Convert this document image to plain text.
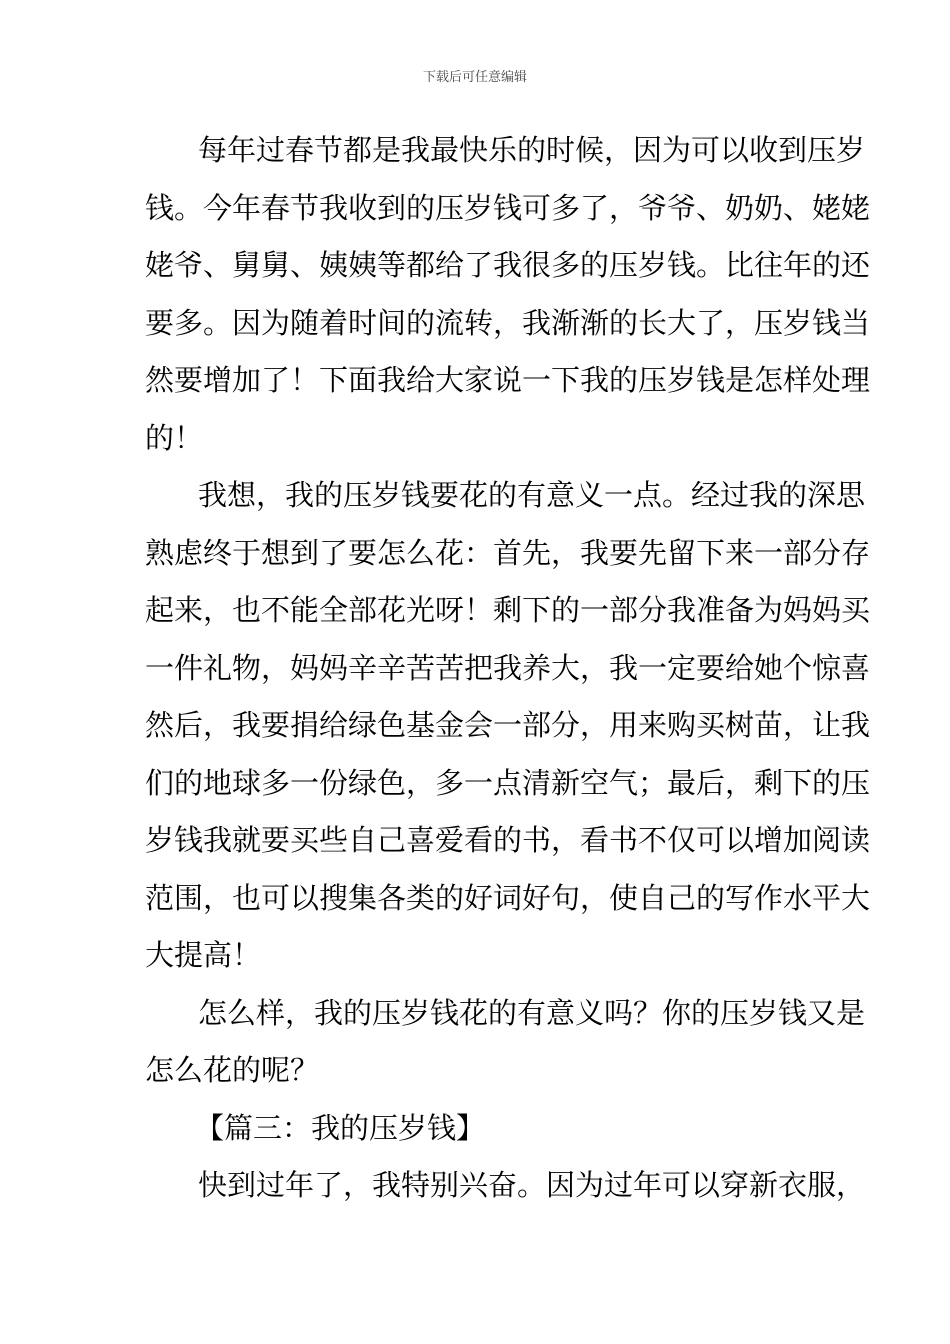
下载后可任意编辑

每年过春节都是我最快乐的时候，因为可以收到压岁
钱。今年春节我收到的压岁钱可多了，爷爷、奶奶、姥姥
姥爷、舅舅、姨姨等都给了我很多的压岁钱。比往年的还
要多。因为随着时间的流转，我渐渐的长大了，压岁钱当
然要增加了！下面我给大家说一下我的压岁钱是怎样处理
的！

我想，我的压岁钱要花的有意义一点。经过我的深思
熟虑终于想到了要怎么花：首先，我要先留下来一部分存
起来，也不能全部花光呀！剩下的一部分我准备为妈妈买
一件礼物，妈妈辛辛苦苦把我养大，我一定要给她个惊喜
然后，我要捐给绿色基金会一部分，用来购买树苗，让我
们的地球多一份绿色，多一点清新空气；最后，剩下的压
岁钱我就要买些自己喜爱看的书，看书不仅可以增加阅读
范围，也可以搜集各类的好词好句，使自己的写作水平大
大提高！

怎么样，我的压岁钱花的有意义吗？你的压岁钱又是
怎么花的呢？

【篇三：我的压岁钱】

快到过年了，我特别兴奋。因为过年可以穿新衣服，
